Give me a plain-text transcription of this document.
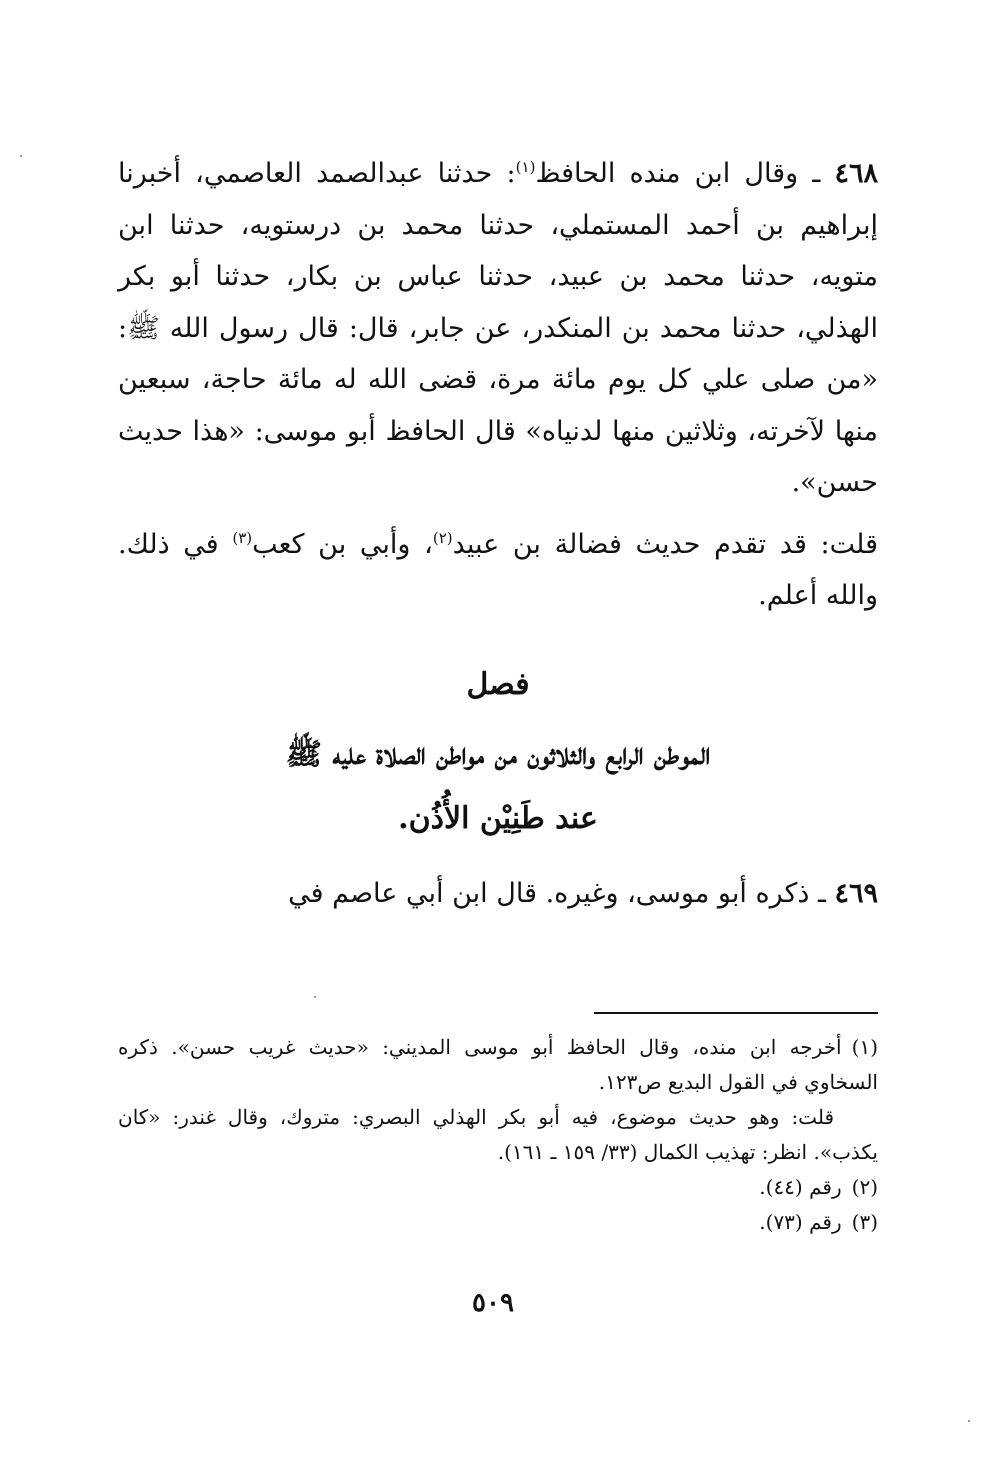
٤٦٨ ـ وقال ابن منده الحافظ$^{(١)}$: حدثنا عبدالصمد العاصمي، أخبرنا إبراهيم بن أحمد المستملي، حدثنا محمد بن درستويه، حدثنا ابن متويه، حدثنا محمد بن عبيد، حدثنا عباس بن بكار، حدثنا أبو بكر الهذلي، حدثنا محمد بن المنكدر، عن جابر، قال: قال رسول الله ﷺ: «من صلى علي كل يوم مائة مرة، قضى الله له مائة حاجة، سبعين منها لآخرته، وثلاثين منها لدنياه» قال الحافظ أبو موسى: «هذا حديث حسن».

قلت: قد تقدم حديث فضالة بن عبيد$^{(٢)}$، وأبي بن كعب$^{(٣)}$ في ذلك. والله أعلم.

فصل
الموطن الرابع والثلاثون من مواطن الصلاة عليه ﷺ
عند طَنِيْن الأُذُن.

٤٦٩ ـ ذكره أبو موسى، وغيره. قال ابن أبي عاصم في

(١)أخرجه ابن منده، وقال الحافظ أبو موسى المديني: «حديث غريب حسن». ذكره السخاوي في القول البديع ص١٢٣.

قلت: وهو حديث موضوع، فيه أبو بكر الهذلي البصري: متروك، وقال غندر: «كان يكذب». انظر: تهذيب الكمال (٣٣/ ١٥٩ ـ ١٦١).

(٢)رقم (٤٤).

(٣)رقم (٧٣).

٥٠٩
